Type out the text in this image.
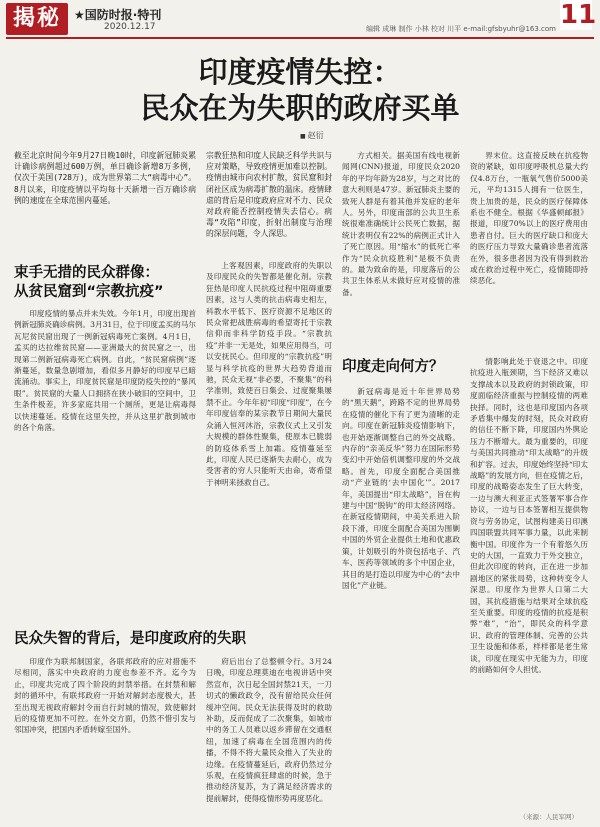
揭秘	★国防时报·特刊
2020.12.17	编辑 成琳 制作 小林 校对 川平 e-mail:gfsbyuhr@163.com 11
印度疫情失控：
民众在为失职的政府买单
■ 赵衍

截至北京时间今年9月27日晚10时，印度新冠肺炎累计确诊病例超过600万例，单日确诊新增8万多例，仅次于美国(728万)，成为世界第二大“病毒中心”。8月以来，印度疫情以平均每十天新增一百万确诊病例的速度在全球范围内蔓延。

宗教狂热和印度人民缺乏科学共识与应对策略，导致疫情更加难以控制。疫情由城市向农村扩散，贫民窟和封闭社区成为病毒扩散的温床。疫情肆虐的背后是印度政府应对不力、民众对政府能否控制疫情失去信心。病毒“攻陷”印度，折射出制度与治理的深层问题，令人深思。

束手无措的民众群像：
从贫民窟到“宗教抗疫”

印度疫情的暴点并未失效。今年1月，印度出现首例新冠肺炎确诊病例。3月31日，位于印度孟买的马尔瓦尼贫民窟出现了一例新冠病毒死亡案例。4月1日，孟买的达拉维贫民窟——亚洲最大的贫民窟之一，出现第二例新冠病毒死亡病例。自此，“贫民窟病例”逐渐蔓延，数量急剧增加，看似多月静好的印度早已暗流涌动。事实上，印度贫民窟是印度防疫失控的“暴风眼”。贫民窟的大量人口拥挤在狭小破旧的空间中，卫生条件极差，许多家庭共用一个厕所，更是让病毒得以快速蔓延。疫情在这里失控，并从这里扩散到城市的各个角落。

上客观因素，印度政府的失职以及印度民众的失智都是催化剂。宗教狂热是印度人民抗疫过程中阻碍重要因素，这与人类的抗击病毒史相左，科教水平低下、医疗资源不足地区的民众常把战胜病毒的希望寄托于宗教信仰而非科学防疫手段。“宗教抗疫”并非一无是处，如果应用得当，可以安抚民心。但印度的“宗教抗疫”明显与科学抗疫的世界大趋势背道而驰，民众无视“非必要，不聚集”的科学准则，致使百日集会、过度聚集屡禁不止。今年年初“印度“印度”，在今年印度信奉的某宗教节日期间大量民众涌入恒河沐浴，宗教仪式上又引发大规模的群体性聚集，使原本已脆弱的防疫体系雪上加霜。疫情蔓延至此，印度人民已逐渐失去耐心，成为受害者的穷人只能听天由命，寄希望于神明来拯救自己。

方式相关。据美国有线电视新闻网(CNN)报道，印度民众2020年的平均年龄为28岁，与之对比的意大利则是47岁。新冠肺炎主要的致死人群是有着其他并发症的老年人。另外，印度南部的公共卫生系统很难准确统计公民死亡数据，据统计表明仅有22%的病例正式计入了死亡原因。用“缩水”的低死亡率作为“民众抗疫胜利”是极不负责的。最为致命的是，印度落后的公共卫生体系从未做好应对疫情的准备。

界末位。这直接反映在抗疫物资的紧缺，如印度呼吸机总量大约仅4.8万台，一瓶氧气售价5000美元，平均1315人拥有一位医生，贵上加贵的是，民众的医疗保障体系也不健全。根据《华盛顿邮报》报道，印度70%以上的医疗费用由患者自付。巨大的医疗缺口和庞大的医疗压力导致大量确诊患者流落在外，很多患者因为没有得到救治或在救治过程中死亡，疫情随即持续恶化。

印度走向何方？

新冠病毒是近十年世界局势的“黑天鹅”，跨路不定的世界局势在疫情的催化下有了更为清晰的走向。印度在新冠肺炎疫情影响下，也开始逐渐调整自己的外交战略。内存的“亲美反华”努力在国际形势变幻中开始倍机调整印度的外交战略。首先，印度全面配合美国推动“产业链的‘去中国化’”。2017年，美国提出“印太战略”，旨在构建与中国“脱钩”的印太经济网络。在新冠疫情期间，中美关系进入阶段下滑，印度全面配合美国为围剿中国的外贸企业提供土地和优惠政策，计划吸引的外资包括电子、汽车、医药等领域的多个中国企业，其目的是打造以印度为中心的“去中国化”产业链。

情影响此处于衰退之中。印度抗疫进入瓶颈期，当下经济又难以支撑战本以及政府的封锁政策，印度面临经济重振与控制疫情的两难抉择。同时，这也是印度国内各项矛盾集中爆发的时刻，民众对政府的信任不断下降，印度国内外舆论压力不断增大。最为重要的，印度与美国共同推动“印太战略”的升级和扩容。过去，印度始终坚持“印太战略”的发展方向，但在疫情之后，印度的战略姿态发生了巨大转变，一边与澳大利亚正式签署军事合作协议，一边与日本签署相互提供物资与劳务协定，试图构建美日印澳四国联盟共同军事力量，以此来制衡中国。印度作为一个有着悠久历史的大国，一直致力于外交独立，但此次印度的转向，正在进一步加剧地区的紧张局势，这种转变令人深思。印度作为世界人口第二大国，其抗疫措施与结果对全球抗疫至关重要。印度的疫情的抗疫是积弊“难”，“治”，即民众的科学意识、政府的管理体制、完善的公共卫生设施和体系，样样都是老生常谈，印度在现实中无能为力，印度的前路如何令人担忧。

民众失智的背后，是印度政府的失职

印度作为联邦制国家，各联邦政府的应对措施不尽相同，落实中央政府的力度也参差不齐。迄今为止，印度共完成了四个阶段的封禁举措。在封禁和解封的循环中，有联邦政府一开始对解封态度极大，甚至出现无视政府解封令而自行封城的情况，致使解封后的疫情更加不可控。在外交方面，仍然不惜引发与邻国冲突，把国内矛盾转嫁至国外。

府后出台了总整顿令行。3月24日晚，印度总理莫迪在电视讲话中突然宣布，次日起全国封禁21天，一刀切式的懒政政令，没有留给民众任何缓冲空间。民众无法获得及时的救助补助，反而促成了二次聚集，如城市中的务工人员难以返乡滞留在交通枢纽，加速了病毒在全国范围内的传播，不得不将大量民众推入了失业的边缘。在疫情蔓延后，政府仍然过分乐观，在疫情疯狂肆虐的时候，急于推动经济复苏，为了满足经济需求的提前解封，使得疫情形势再度恶化。

（来源：人民军网）
